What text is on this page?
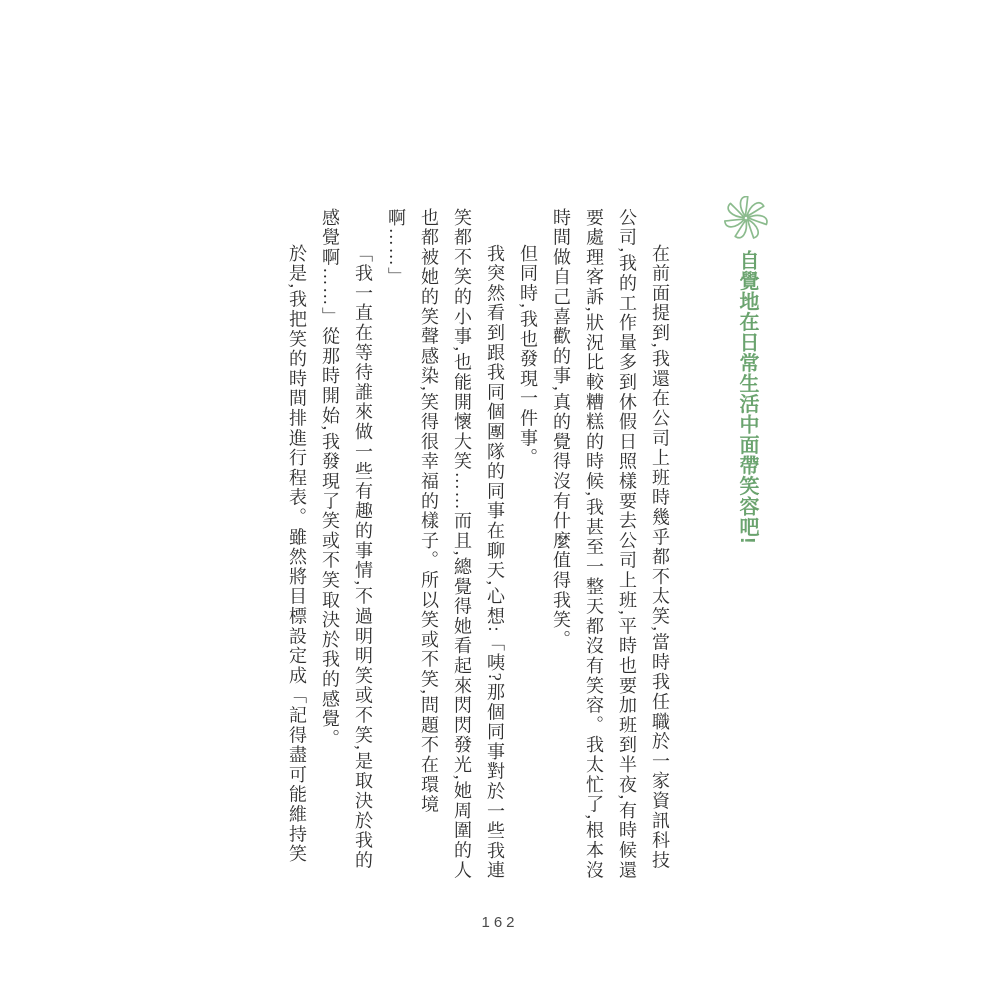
自覺地在日常生活中面帶笑容吧!

在前面提到,我還在公司上班時幾乎都不太笑,當時我任職於一家資訊科技公司,我的工作量多到休假日照樣要去公司上班,平時也要加班到半夜,有時候還要處理客訴,狀況比較糟糕的時候,我甚至一整天都沒有笑容。我太忙了,根本沒時間做自己喜歡的事,真的覺得沒有什麼值得我笑。

但同時,我也發現一件事。

我突然看到跟我同個團隊的同事在聊天,心想:「咦?那個同事對於一些我連笑都不笑的小事,也能開懷大笑……而且,總覺得她看起來閃閃發光,她周圍的人也都被她的笑聲感染,笑得很幸福的樣子。所以笑或不笑,問題不在環境啊……」

「我一直在等待誰來做一些有趣的事情,不過明明笑或不笑,是取決於我的感覺啊……」從那時開始,我發現了笑或不笑取決於我的感覺。

於是,我把笑的時間排進行程表。雖然將目標設定成「記得盡可能維持笑

162
